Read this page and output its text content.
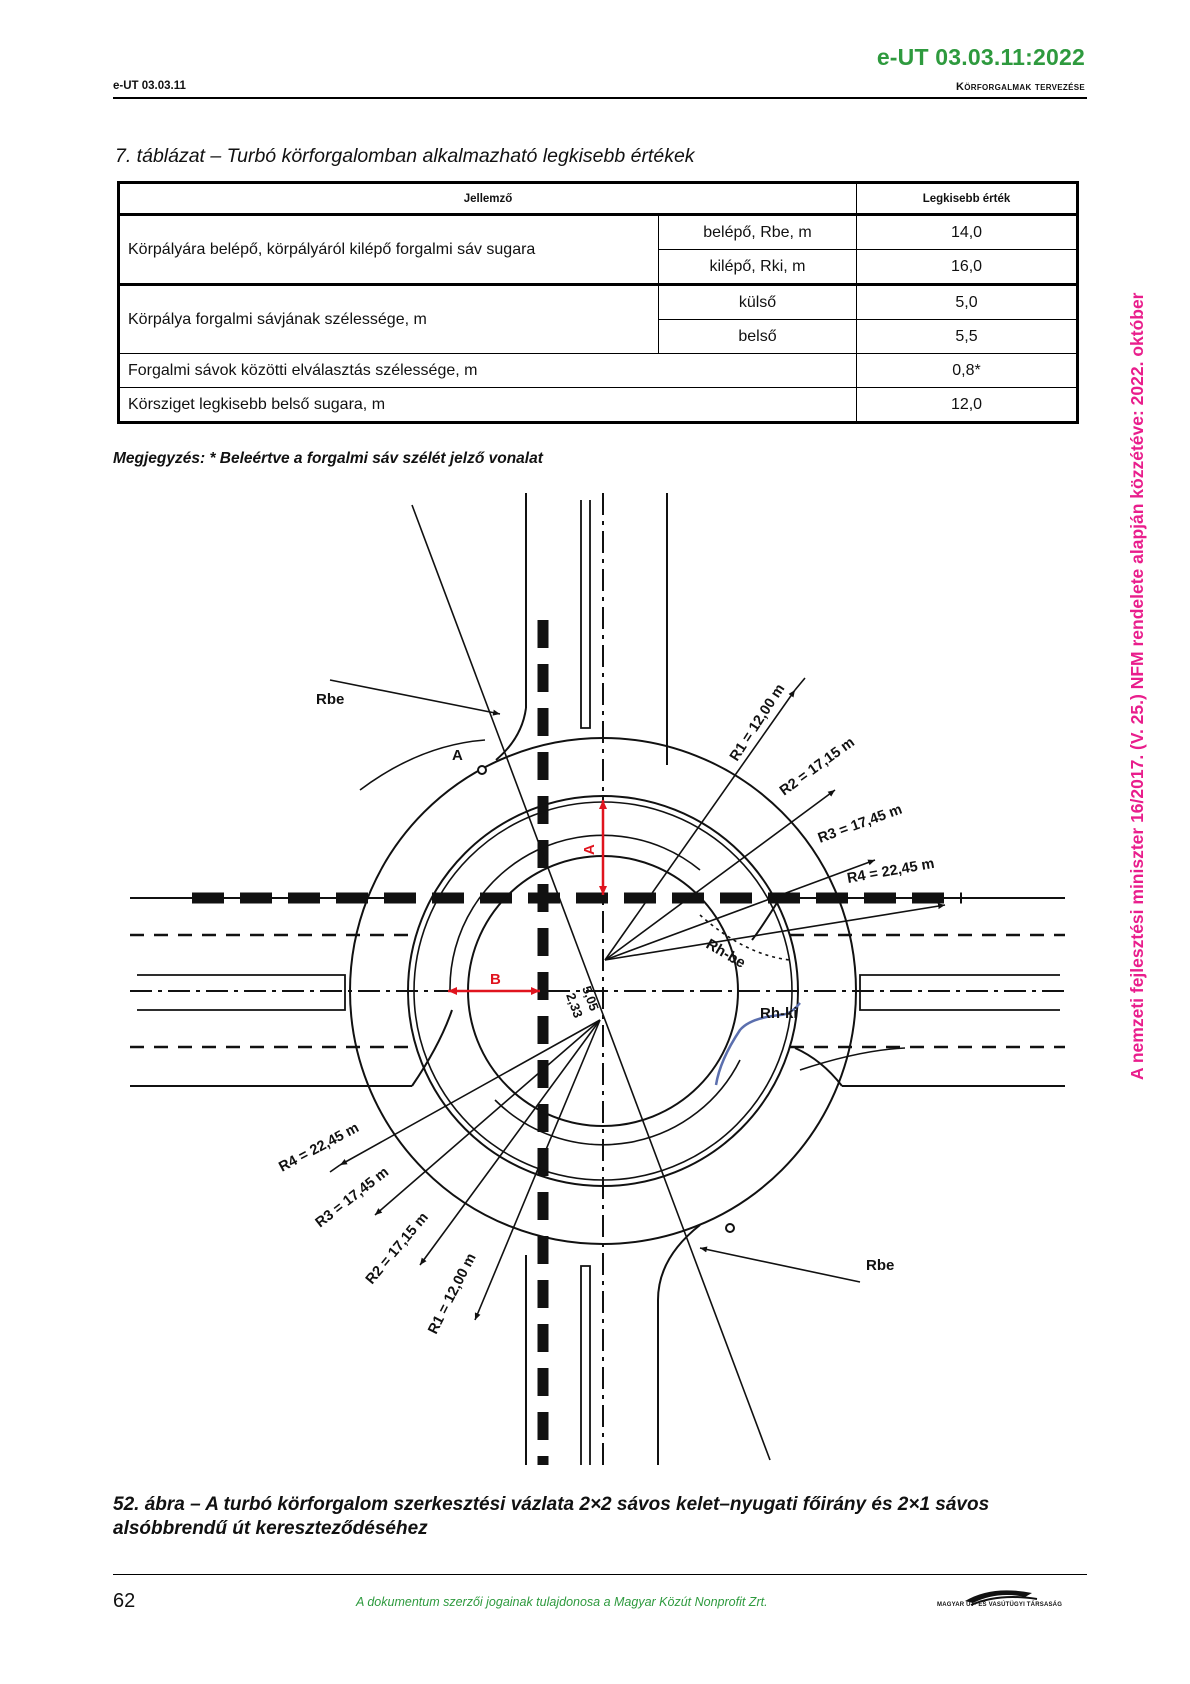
e-UT 03.03.11:2022
e-UT 03.03.11	Körforgalmak tervezése
7. táblázat – Turbó körforgalomban alkalmazható legkisebb értékek
Jellemző		Legkisebb érték
Körpályára belépő, körpályáról kilépő forgalmi sáv sugara	belépő, Rbe, m	14,0
	kilépő, Rki, m	16,0
Körpálya forgalmi sávjának szélessége, m	külső	5,0
	belső	5,5
Forgalmi sávok közötti elválasztás szélessége, m		0,8*
Körsziget legkisebb belső sugara, m		12,0
Megjegyzés: * Beleértve a forgalmi sáv szélét jelző vonalat	A nemzeti fejlesztési miniszter 16/2017. (V. 25.) NFM rendelete alapján közzétéve: 2022. október
Rbe
Rbe
A
Rh-be
Rh-ki
R1 = 12,00 m
R2 = 17,15 m
R3 = 17,45 m
R4 = 22,45 m
R4 = 22,45 m
R3 = 17,45 m
R2 = 17,15 m
R1 = 12,00 m
5,05
2,33
A
B
52. ábra – A turbó körforgalom szerkesztési vázlata 2×2 sávos kelet–nyugati főirány és 2×1 sávos alsóbbrendű út kereszteződéséhez
62	A dokumentum szerzői jogainak tulajdonosa a Magyar Közút Nonprofit Zrt.	MAGYAR ÚT- ÉS VASÚTÜGYI TÁRSASÁG
